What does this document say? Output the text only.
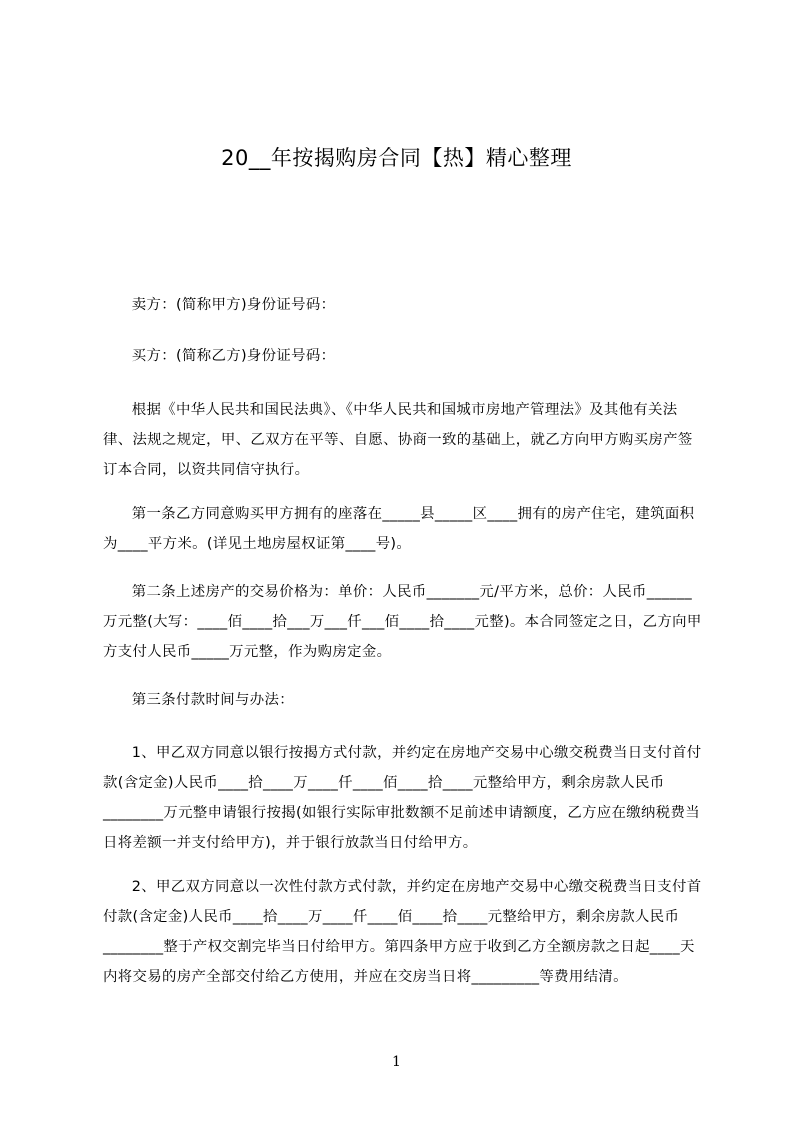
20__年按揭购房合同【热】精心整理
卖方：(简称甲方)身份证号码：
买方：(简称乙方)身份证号码：
根据《中华人民共和国民法典》、《中华人民共和国城市房地产管理法》及其他有关法律、法规之规定，甲、乙双方在平等、自愿、协商一致的基础上，就乙方向甲方购买房产签订本合同，以资共同信守执行。
第一条乙方同意购买甲方拥有的座落在_____县_____区____拥有的房产住宅，建筑面积为____平方米。(详见土地房屋权证第____号)。
第二条上述房产的交易价格为：单价：人民币_______元/平方米，总价：人民币______万元整(大写：____佰____拾___万___仟___佰____拾____元整)。本合同签定之日，乙方向甲方支付人民币_____万元整，作为购房定金。
第三条付款时间与办法：
1、甲乙双方同意以银行按揭方式付款，并约定在房地产交易中心缴交税费当日支付首付款(含定金)人民币____拾____万____仟____佰____拾____元整给甲方，剩余房款人民币________万元整申请银行按揭(如银行实际审批数额不足前述申请额度，乙方应在缴纳税费当日将差额一并支付给甲方)，并于银行放款当日付给甲方。
2、甲乙双方同意以一次性付款方式付款，并约定在房地产交易中心缴交税费当日支付首付款(含定金)人民币____拾____万____仟____佰____拾____元整给甲方，剩余房款人民币________整于产权交割完毕当日付给甲方。第四条甲方应于收到乙方全额房款之日起____天内将交易的房产全部交付给乙方使用，并应在交房当日将_________等费用结清。
1
